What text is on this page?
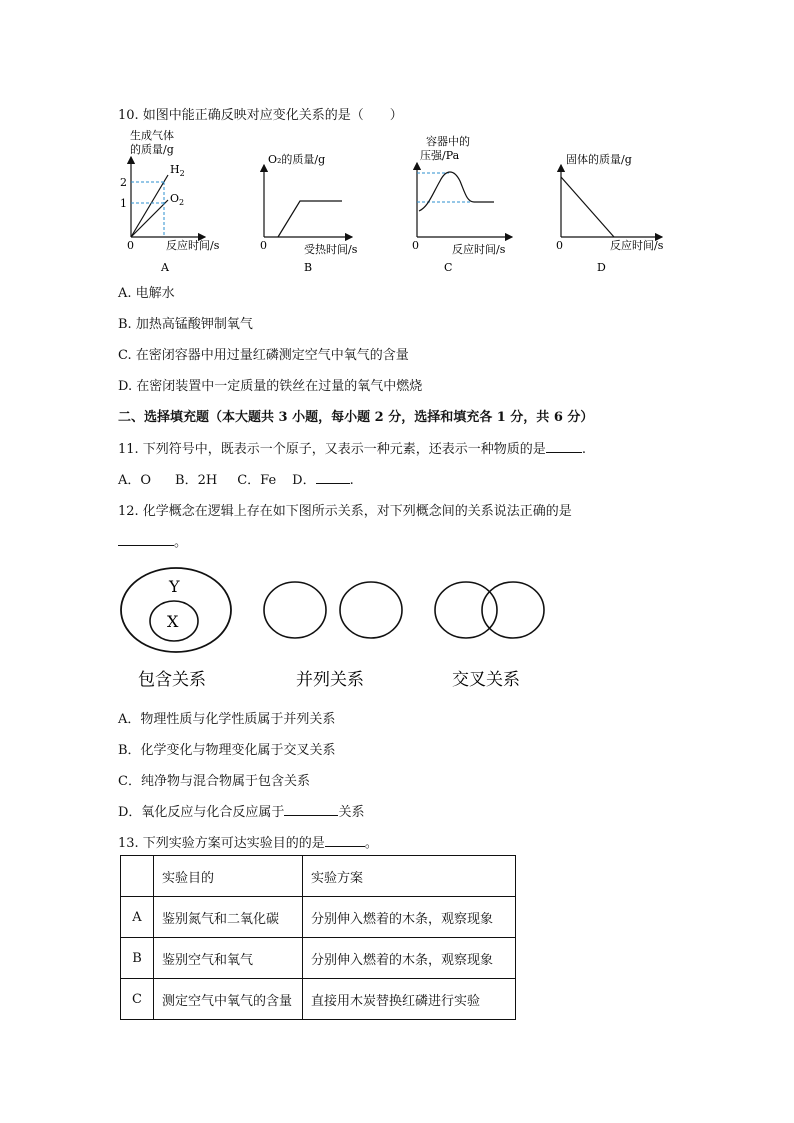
10. 如图中能正确反映对应变化关系的是（　　）
生成气体
的质量/g
2
1
$H_2$
$O_2$
0	反应时间/s
A
O₂的质量/g
0	受热时间/s
B
容器中的
压强/Pa
0	反应时间/s
C
固体的质量/g
0	反应时间/s
D
A. 电解水
B. 加热高锰酸钾制氧气
C. 在密闭容器中用过量红磷测定空气中氧气的含量
D. 在密闭装置中一定质量的铁丝在过量的氧气中燃烧
二、选择填充题（本大题共 3 小题，每小题 2 分，选择和填充各 1 分，共 6 分）
11. 下列符号中，既表示一个原子，又表示一种元素，还表示一种物质的是	.
A．O B．2H C．Fe D．	.
12. 化学概念在逻辑上存在如下图所示关系，对下列概念间的关系说法正确的是
。
Y
X
包含关系	并列关系	交叉关系
A．物理性质与化学性质属于并列关系
B．化学变化与物理变化属于交叉关系
C．纯净物与混合物属于包含关系
D．氧化反应与化合反应属于	关系
13. 下列实验方案可达实验目的的是	。
	实验目的	实验方案
A	鉴别氮气和二氧化碳	分别伸入燃着的木条，观察现象
B	鉴别空气和氧气	分别伸入燃着的木条，观察现象
C	测定空气中氧气的含量	直接用木炭替换红磷进行实验
